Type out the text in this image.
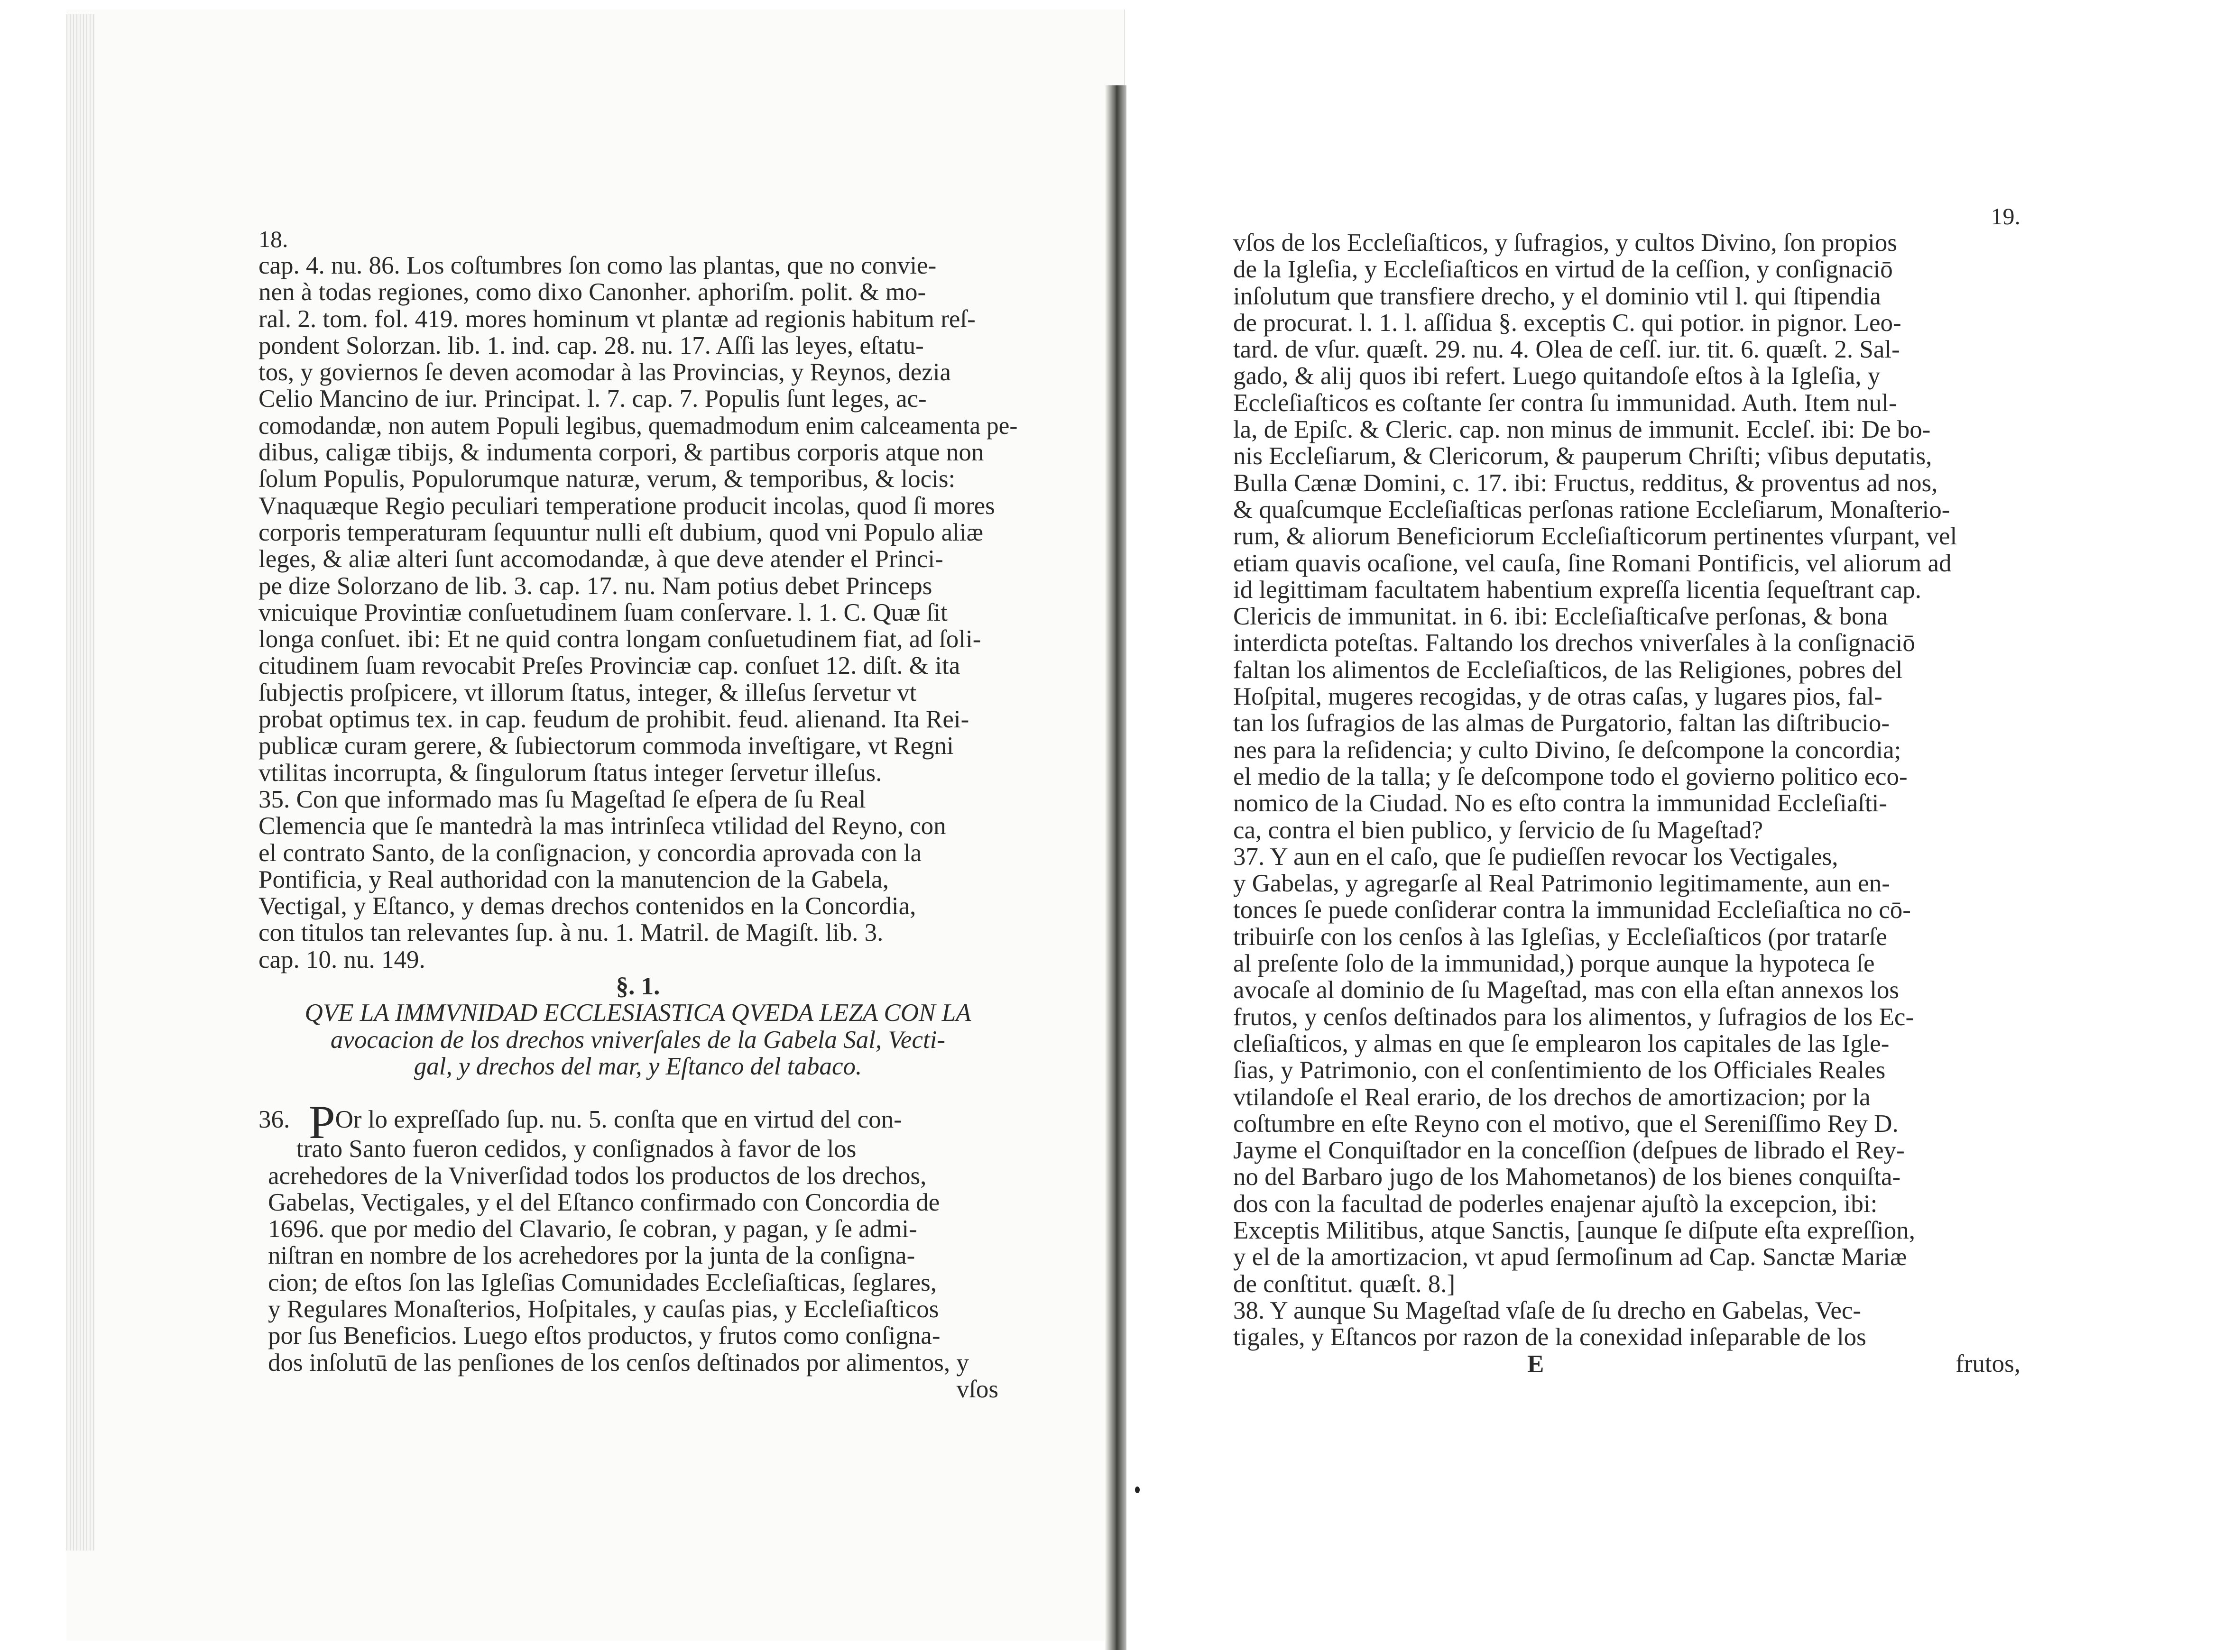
18.
cap. 4. nu. 86. Los coſtumbres ſon como las plantas, que no convie-
nen à todas regiones, como dixo Canonher. aphoriſm. polit. & mo-
ral. 2. tom. fol. 419. mores hominum vt plantæ ad regionis habitum reſ-
pondent Solorzan. lib. 1. ind. cap. 28. nu. 17. Aſſi las leyes, eſtatu-
tos, y goviernos ſe deven acomodar à las Provincias, y Reynos, dezia
Celio Mancino de iur. Principat. l. 7. cap. 7. Populis ſunt leges, ac-
comodandæ, non autem Populi legibus, quemadmodum enim calceamenta pe-
dibus, caligæ tibijs, & indumenta corpori, & partibus corporis atque non
ſolum Populis, Populorumque naturæ, verum, & temporibus, & locis:
Vnaquæque Regio peculiari temperatione producit incolas, quod ſi mores
corporis temperaturam ſequuntur nulli eſt dubium, quod vni Populo aliæ
leges, & aliæ alteri ſunt accomodandæ, à que deve atender el Princi-
pe dize Solorzano de lib. 3. cap. 17. nu. Nam potius debet Princeps
vnicuique Provintiæ conſuetudinem ſuam conſervare. l. 1. C. Quæ ſit
longa conſuet. ibi: Et ne quid contra longam conſuetudinem fiat, ad ſoli-
citudinem ſuam revocabit Preſes Provinciæ cap. conſuet 12. diſt. & ita
ſubjectis proſpicere, vt illorum ſtatus, integer, & illeſus ſervetur vt
probat optimus tex. in cap. feudum de prohibit. feud. alienand. Ita Rei-
publicæ curam gerere, & ſubiectorum commoda inveſtigare, vt Regni
vtilitas incorrupta, & ſingulorum ſtatus integer ſervetur illeſus.
35. Con que informado mas ſu Mageſtad ſe eſpera de ſu Real
Clemencia que ſe mantedrà la mas intrinſeca vtilidad del Reyno, con
el contrato Santo, de la conſignacion, y concordia aprovada con la
Pontificia, y Real authoridad con la manutencion de la Gabela,
Vectigal, y Eſtanco, y demas drechos contenidos en la Concordia,
con titulos tan relevantes ſup. à nu. 1. Matril. de Magiſt. lib. 3.
cap. 10. nu. 149.
§. 1.
QVE LA IMMVNIDAD ECCLESIASTICA QVEDA LEZA CON LA
avocacion de los drechos vniverſales de la Gabela Sal, Vecti-
gal, y drechos del mar, y Eſtanco del tabaco.
36. POr lo expreſſado ſup. nu. 5. conſta que en virtud del con-
trato Santo fueron cedidos, y conſignados à favor de los
acrehedores de la Vniverſidad todos los productos de los drechos,
Gabelas, Vectigales, y el del Eſtanco confirmado con Concordia de
1696. que por medio del Clavario, ſe cobran, y pagan, y ſe admi-
niſtran en nombre de los acrehedores por la junta de la conſigna-
cion; de eſtos ſon las Igleſias Comunidades Eccleſiaſticas, ſeglares,
y Regulares Monaſterios, Hoſpitales, y cauſas pias, y Eccleſiaſticos
por ſus Beneficios. Luego eſtos productos, y frutos como conſigna-
dos inſolutū de las penſiones de los cenſos deſtinados por alimentos, y
vſos
19.
vſos de los Eccleſiaſticos, y ſufragios, y cultos Divino, ſon propios
de la Igleſia, y Eccleſiaſticos en virtud de la ceſſion, y conſignaciō
inſolutum que transfiere drecho, y el dominio vtil l. qui ſtipendia
de procurat. l. 1. l. aſſidua §. exceptis C. qui potior. in pignor. Leo-
tard. de vſur. quæſt. 29. nu. 4. Olea de ceſſ. iur. tit. 6. quæſt. 2. Sal-
gado, & alij quos ibi refert. Luego quitandoſe eſtos à la Igleſia, y
Eccleſiaſticos es coſtante ſer contra ſu immunidad. Auth. Item nul-
la, de Epiſc. & Cleric. cap. non minus de immunit. Eccleſ. ibi: De bo-
nis Eccleſiarum, & Clericorum, & pauperum Chriſti; vſibus deputatis,
Bulla Cænæ Domini, c. 17. ibi: Fructus, redditus, & proventus ad nos,
& quaſcumque Eccleſiaſticas perſonas ratione Eccleſiarum, Monaſterio-
rum, & aliorum Beneficiorum Eccleſiaſticorum pertinentes vſurpant, vel
etiam quavis ocaſione, vel cauſa, ſine Romani Pontificis, vel aliorum ad
id legittimam facultatem habentium expreſſa licentia ſequeſtrant cap.
Clericis de immunitat. in 6. ibi: Eccleſiaſticaſve perſonas, & bona
interdicta poteſtas. Faltando los drechos vniverſales à la conſignaciō
faltan los alimentos de Eccleſiaſticos, de las Religiones, pobres del
Hoſpital, mugeres recogidas, y de otras caſas, y lugares pios, fal-
tan los ſufragios de las almas de Purgatorio, faltan las diſtribucio-
nes para la reſidencia; y culto Divino, ſe deſcompone la concordia;
el medio de la talla; y ſe deſcompone todo el govierno politico eco-
nomico de la Ciudad. No es eſto contra la immunidad Eccleſiaſti-
ca, contra el bien publico, y ſervicio de ſu Mageſtad?
37. Y aun en el caſo, que ſe pudieſſen revocar los Vectigales,
y Gabelas, y agregarſe al Real Patrimonio legitimamente, aun en-
tonces ſe puede conſiderar contra la immunidad Eccleſiaſtica no cō-
tribuirſe con los cenſos à las Igleſias, y Eccleſiaſticos (por tratarſe
al preſente ſolo de la immunidad,) porque aunque la hypoteca ſe
avocaſe al dominio de ſu Mageſtad, mas con ella eſtan annexos los
frutos, y cenſos deſtinados para los alimentos, y ſufragios de los Ec-
cleſiaſticos, y almas en que ſe emplearon los capitales de las Igle-
ſias, y Patrimonio, con el conſentimiento de los Officiales Reales
vtilandoſe el Real erario, de los drechos de amortizacion; por la
coſtumbre en eſte Reyno con el motivo, que el Sereniſſimo Rey D.
Jayme el Conquiſtador en la conceſſion (deſpues de librado el Rey-
no del Barbaro jugo de los Mahometanos) de los bienes conquiſta-
dos con la facultad de poderles enajenar ajuſtò la excepcion, ibi:
Exceptis Militibus, atque Sanctis, [aunque ſe diſpute eſta expreſſion,
y el de la amortizacion, vt apud ſermoſinum ad Cap. Sanctæ Mariæ
de conſtitut. quæſt. 8.]
38. Y aunque Su Mageſtad vſaſe de ſu drecho en Gabelas, Vec-
tigales, y Eſtancos por razon de la conexidad inſeparable de los
frutos,
E
